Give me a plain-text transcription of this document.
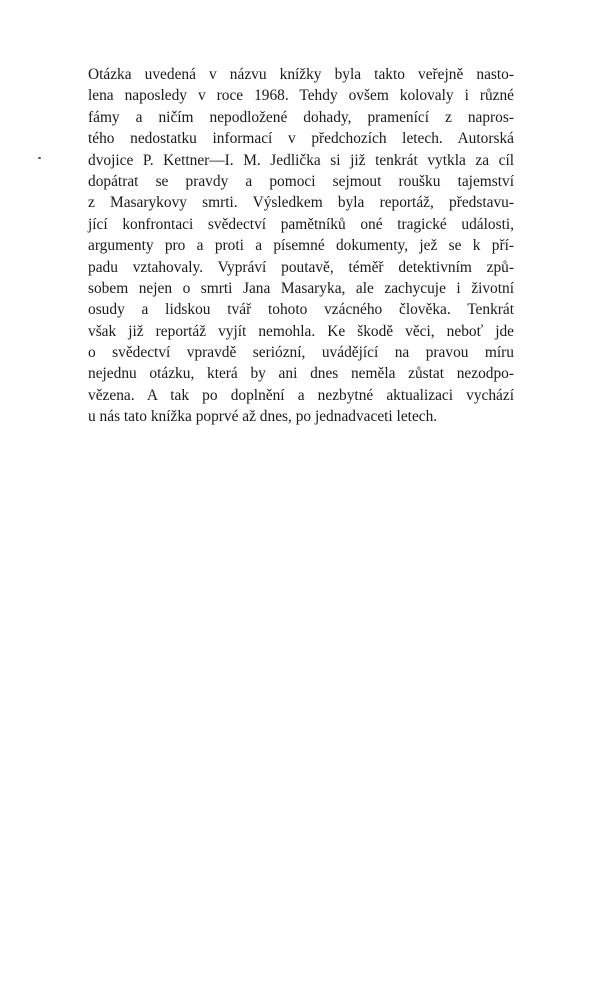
Otázka uvedená v názvu knížky byla takto veřejně nasto-
lena naposledy v roce 1968. Tehdy ovšem kolovaly i různé
fámy a ničím nepodložené dohady, pramenící z napros-
tého nedostatku informací v předchozích letech. Autorská
dvojice P. Kettner—I. M. Jedlička si již tenkrát vytkla za cíl
dopátrat se pravdy a pomoci sejmout roušku tajemství
z Masarykovy smrti. Výsledkem byla reportáž, představu-
jící konfrontaci svědectví pamětníků oné tragické události,
argumenty pro a proti a písemné dokumenty, jež se k pří-
padu vztahovaly. Vypráví poutavě, téměř detektivním způ-
sobem nejen o smrti Jana Masaryka, ale zachycuje i životní
osudy a lidskou tvář tohoto vzácného člověka. Tenkrát
však již reportáž vyjít nemohla. Ke škodě věci, neboť jde
o svědectví vpravdě seriózní, uvádějící na pravou míru
nejednu otázku, která by ani dnes neměla zůstat nezodpo-
vězena. A tak po doplnění a nezbytné aktualizaci vychází
u nás tato knížka poprvé až dnes, po jednadvaceti letech.
